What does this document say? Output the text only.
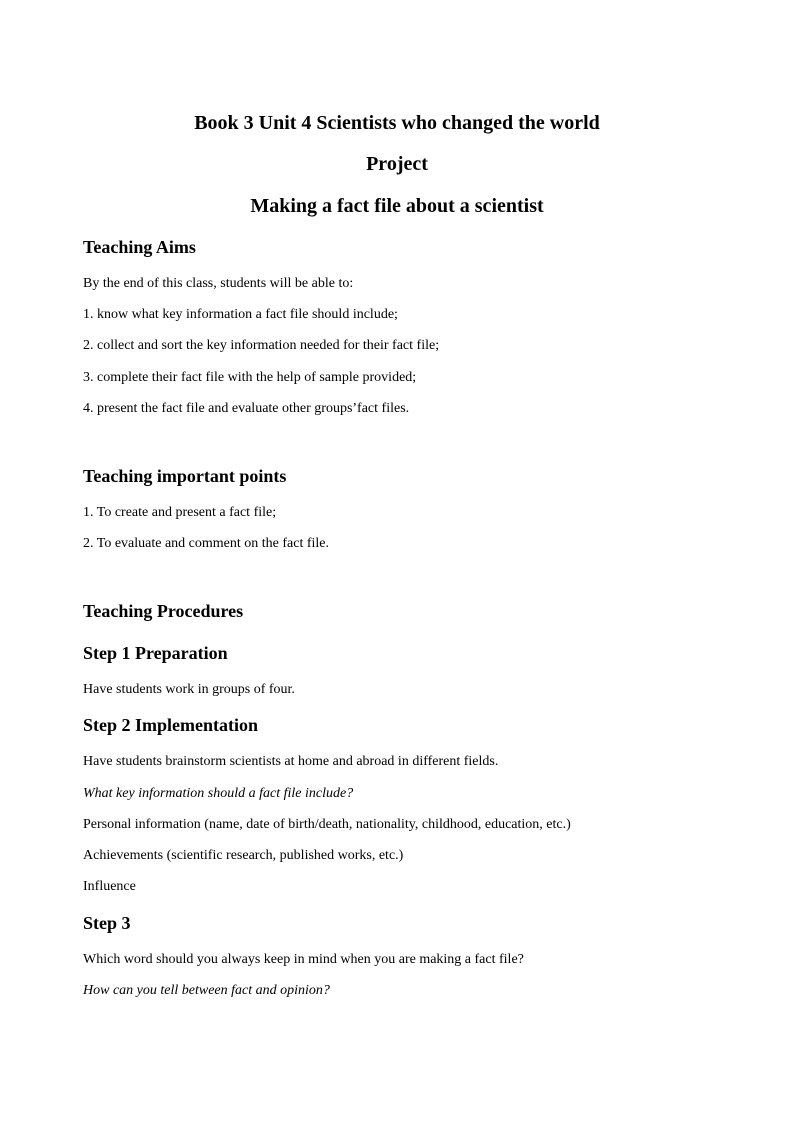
Book 3 Unit 4 Scientists who changed the world
Project
Making a fact file about a scientist
Teaching Aims
By the end of this class, students will be able to:
1. know what key information a fact file should include;
2. collect and sort the key information needed for their fact file;
3. complete their fact file with the help of sample provided;
4. present the fact file and evaluate other groups’fact files.
Teaching important points
1. To create and present a fact file;
2. To evaluate and comment on the fact file.
Teaching Procedures
Step 1 Preparation
Have students work in groups of four.
Step 2 Implementation
Have students brainstorm scientists at home and abroad in different fields.
What key information should a fact file include?
Personal information (name, date of birth/death, nationality, childhood, education, etc.)
Achievements (scientific research, published works, etc.)
Influence
Step 3
Which word should you always keep in mind when you are making a fact file?
How can you tell between fact and opinion?
